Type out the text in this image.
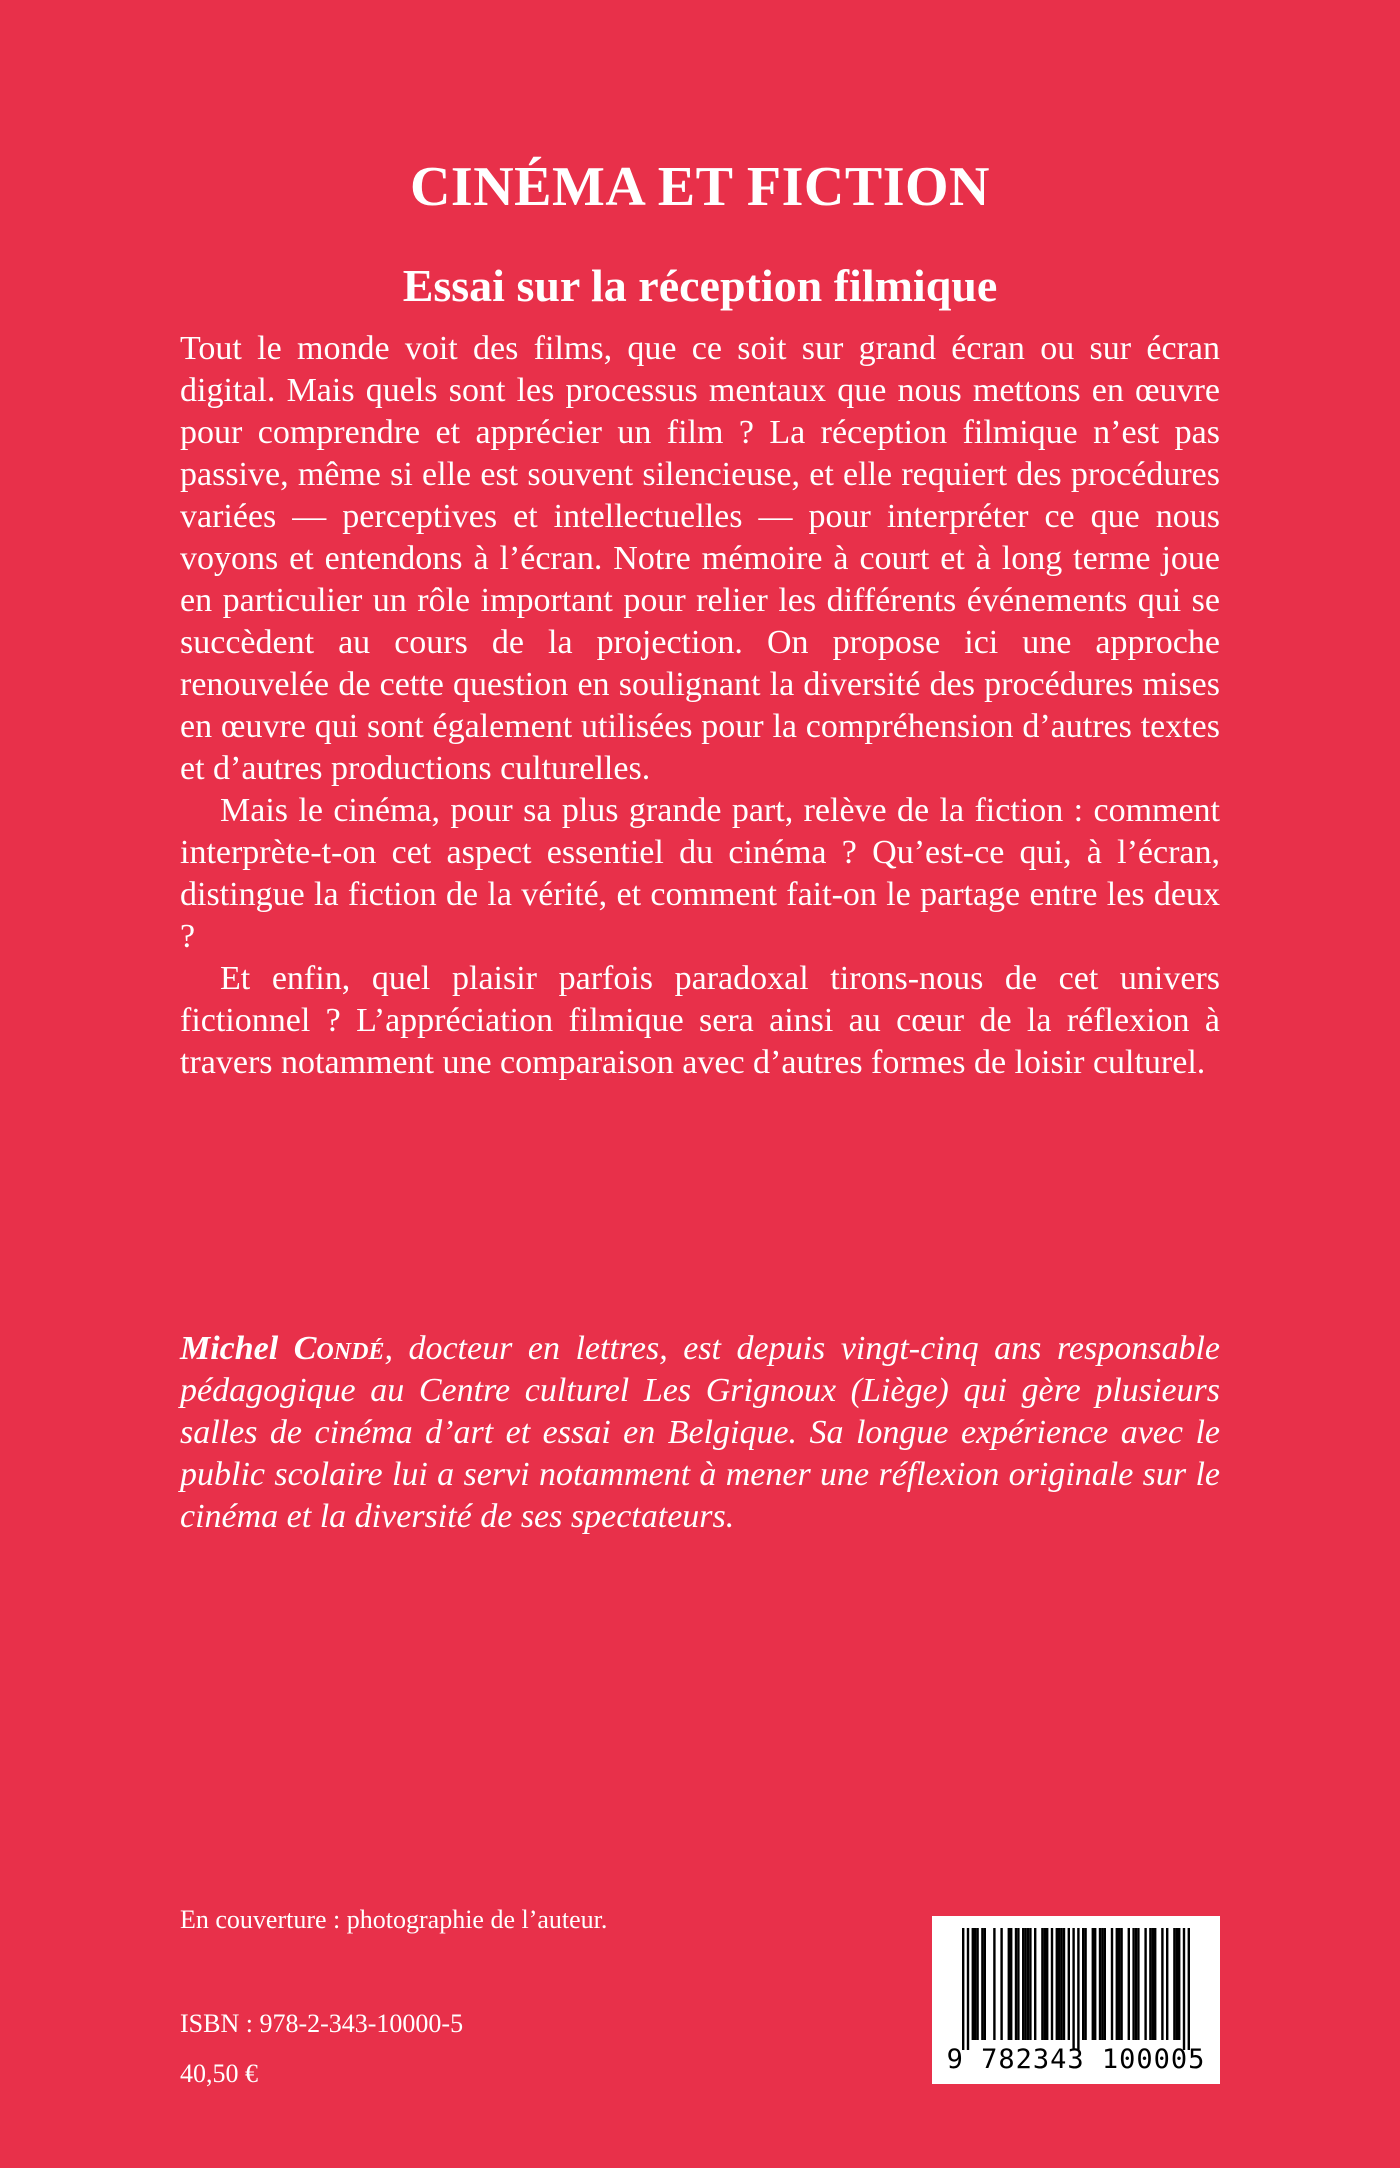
CINÉMA ET FICTION
Essai sur la réception filmique

Tout le monde voit des films, que ce soit sur grand écran ou sur écran digital. Mais quels sont les processus mentaux que nous mettons en œuvre pour comprendre et apprécier un film ? La réception filmique n’est pas passive, même si elle est souvent silencieuse, et elle requiert des procédures variées — perceptives et intellectuelles — pour interpréter ce que nous voyons et entendons à l’écran. Notre mémoire à court et à long terme joue en particulier un rôle important pour relier les différents événements qui se succèdent au cours de la projection. On propose ici une approche renouvelée de cette question en soulignant la diversité des procédures mises en œuvre qui sont également utilisées pour la compréhension d’autres textes et d’autres productions culturelles.

Mais le cinéma, pour sa plus grande part, relève de la fiction : comment interprète-t-on cet aspect essentiel du cinéma ? Qu’est-ce qui, à l’écran, distingue la fiction de la vérité, et comment fait-on le partage entre les deux ?

Et enfin, quel plaisir parfois paradoxal tirons-nous de cet univers fictionnel ? L’appréciation filmique sera ainsi au cœur de la réflexion à travers notamment une comparaison avec d’autres formes de loisir culturel.

Michel Condé, docteur en lettres, est depuis vingt-cinq ans responsable pédagogique au Centre culturel Les Grignoux (Liège) qui gère plusieurs salles de cinéma d’art et essai en Belgique. Sa longue expérience avec le public scolaire lui a servi notamment à mener une réflexion originale sur le cinéma et la diversité de ses spectateurs.

En couverture : photographie de l’auteur.
ISBN : 978-2-343-10000-5
40,50 €	9 782343 100005
